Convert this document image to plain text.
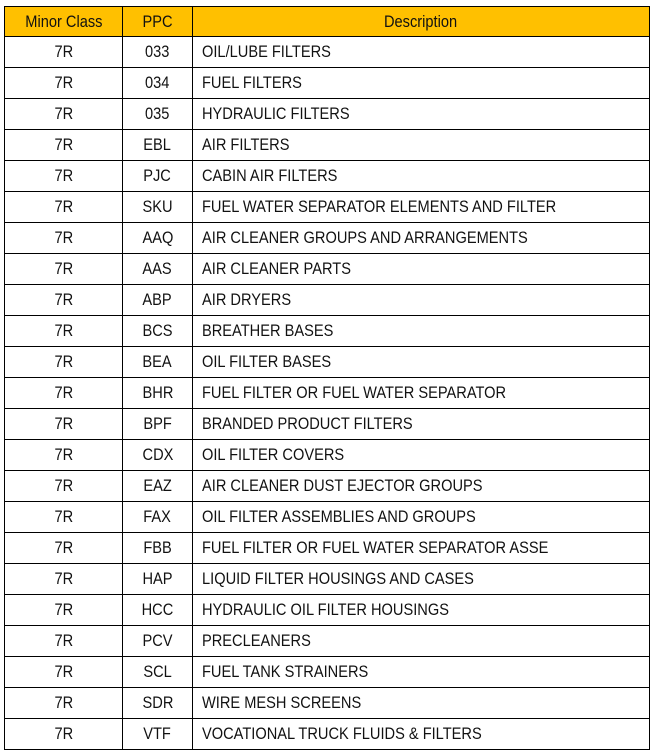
Minor Class	PPC	Description
7R	033	OIL/LUBE FILTERS
7R	034	FUEL FILTERS
7R	035	HYDRAULIC FILTERS
7R	EBL	AIR FILTERS
7R	PJC	CABIN AIR FILTERS
7R	SKU	FUEL WATER SEPARATOR ELEMENTS AND FILTER
7R	AAQ	AIR CLEANER GROUPS AND ARRANGEMENTS
7R	AAS	AIR CLEANER PARTS
7R	ABP	AIR DRYERS
7R	BCS	BREATHER BASES
7R	BEA	OIL FILTER BASES
7R	BHR	FUEL FILTER OR FUEL WATER SEPARATOR
7R	BPF	BRANDED PRODUCT FILTERS
7R	CDX	OIL FILTER COVERS
7R	EAZ	AIR CLEANER DUST EJECTOR GROUPS
7R	FAX	OIL FILTER ASSEMBLIES AND GROUPS
7R	FBB	FUEL FILTER OR FUEL WATER SEPARATOR ASSE
7R	HAP	LIQUID FILTER HOUSINGS AND CASES
7R	HCC	HYDRAULIC OIL FILTER HOUSINGS
7R	PCV	PRECLEANERS
7R	SCL	FUEL TANK STRAINERS
7R	SDR	WIRE MESH SCREENS
7R	VTF	VOCATIONAL TRUCK FLUIDS & FILTERS
